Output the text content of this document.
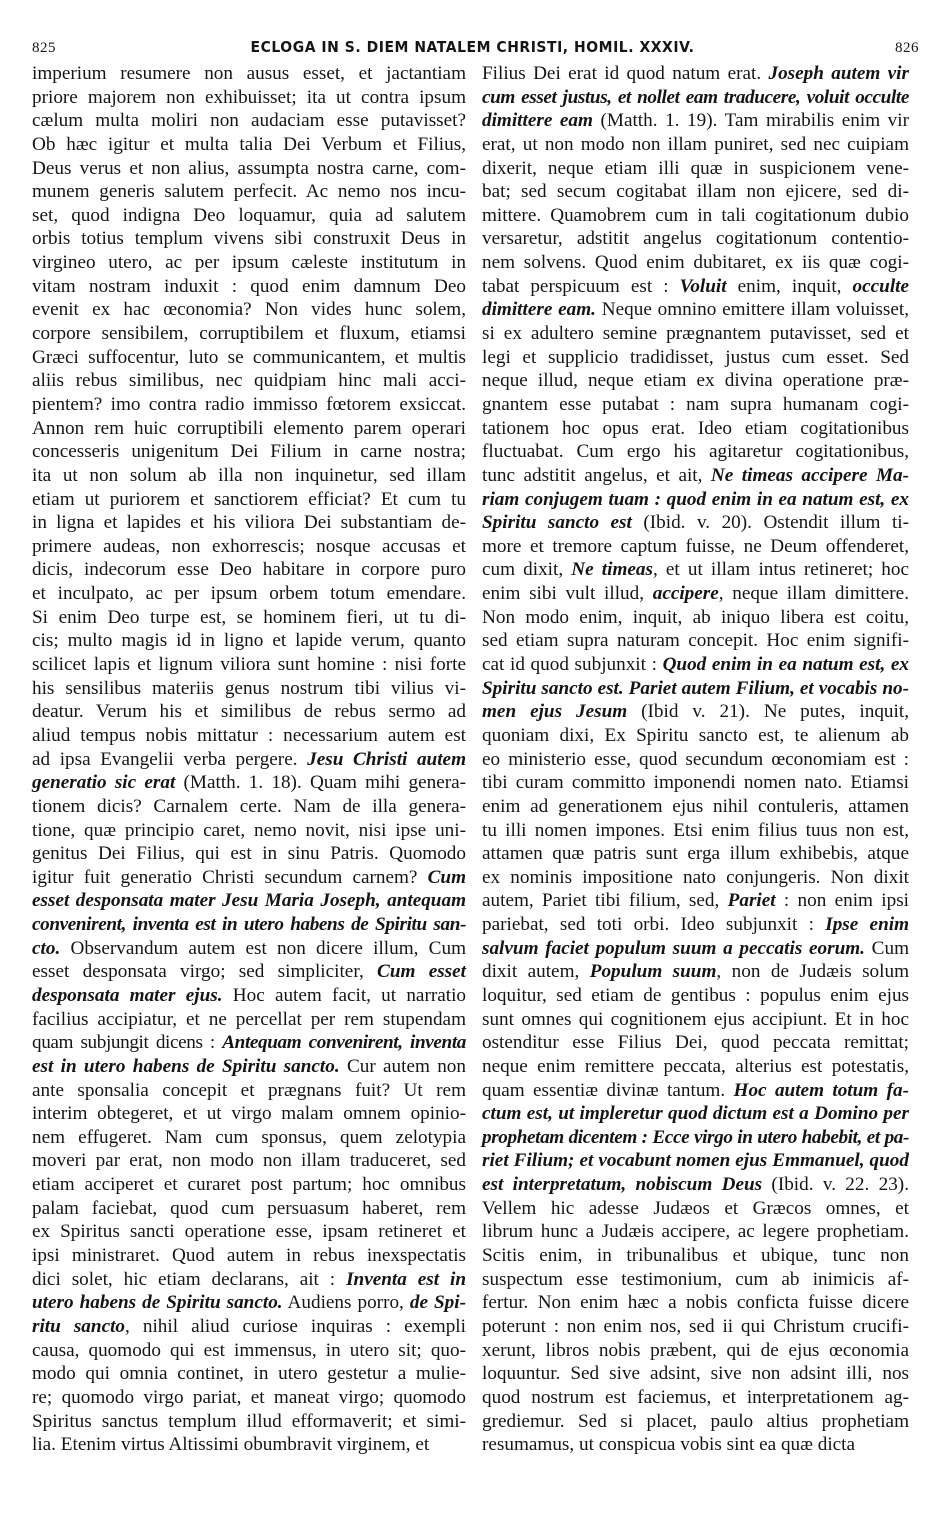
825	ECLOGA IN S. DIEM NATALEM CHRISTI, HOMIL. XXXIV.	826
imperium resumere non ausus esset, et jactantiam
priore majorem non exhibuisset; ita ut contra ipsum
cælum multa moliri non audaciam esse putavisset?
Ob hæc igitur et multa talia Dei Verbum et Filius,
Deus verus et non alius, assumpta nostra carne, com-
munem generis salutem perfecit. Ac nemo nos incu-
set, quod indigna Deo loquamur, quia ad salutem
orbis totius templum vivens sibi construxit Deus in
virgineo utero, ac per ipsum cæleste institutum in
vitam nostram induxit : quod enim damnum Deo
evenit ex hac œconomia? Non vides hunc solem,
corpore sensibilem, corruptibilem et fluxum, etiamsi
Græci suffocentur, luto se communicantem, et multis
aliis rebus similibus, nec quidpiam hinc mali acci-
pientem? imo contra radio immisso fœtorem exsiccat.
Annon rem huic corruptibili elemento parem operari
concesseris unigenitum Dei Filium in carne nostra;
ita ut non solum ab illa non inquinetur, sed illam
etiam ut puriorem et sanctiorem efficiat? Et cum tu
in ligna et lapides et his viliora Dei substantiam de-
primere audeas, non exhorrescis; nosque accusas et
dicis, indecorum esse Deo habitare in corpore puro
et inculpato, ac per ipsum orbem totum emendare.
Si enim Deo turpe est, se hominem fieri, ut tu di-
cis; multo magis id in ligno et lapide verum, quanto
scilicet lapis et lignum viliora sunt homine : nisi forte
his sensilibus materiis genus nostrum tibi vilius vi-
deatur. Verum his et similibus de rebus sermo ad
aliud tempus nobis mittatur : necessarium autem est
ad ipsa Evangelii verba pergere. Jesu Christi autem
generatio sic erat (Matth. 1. 18). Quam mihi genera-
tionem dicis? Carnalem certe. Nam de illa genera-
tione, quæ principio caret, nemo novit, nisi ipse uni-
genitus Dei Filius, qui est in sinu Patris. Quomodo
igitur fuit generatio Christi secundum carnem? Cum
esset desponsata mater Jesu Maria Joseph, antequam
convenirent, inventa est in utero habens de Spiritu san-
cto. Observandum autem est non dicere illum, Cum
esset desponsata virgo; sed simpliciter, Cum esset
desponsata mater ejus. Hoc autem facit, ut narratio
facilius accipiatur, et ne percellat per rem stupendam
quam subjungit dicens : Antequam convenirent, inventa
est in utero habens de Spiritu sancto. Cur autem non
ante sponsalia concepit et prægnans fuit? Ut rem
interim obtegeret, et ut virgo malam omnem opinio-
nem effugeret. Nam cum sponsus, quem zelotypia
moveri par erat, non modo non illam traduceret, sed
etiam acciperet et curaret post partum; hoc omnibus
palam faciebat, quod cum persuasum haberet, rem
ex Spiritus sancti operatione esse, ipsam retineret et
ipsi ministraret. Quod autem in rebus inexspectatis
dici solet, hic etiam declarans, ait : Inventa est in
utero habens de Spiritu sancto. Audiens porro, de Spi-
ritu sancto, nihil aliud curiose inquiras : exempli
causa, quomodo qui est immensus, in utero sit; quo-
modo qui omnia continet, in utero gestetur a mulie-
re; quomodo virgo pariat, et maneat virgo; quomodo
Spiritus sanctus templum illud efformaverit; et simi-
lia. Etenim virtus Altissimi obumbravit virginem, et
Filius Dei erat id quod natum erat. Joseph autem vir
cum esset justus, et nollet eam traducere, voluit occulte
dimittere eam (Matth. 1. 19). Tam mirabilis enim vir
erat, ut non modo non illam puniret, sed nec cuipiam
dixerit, neque etiam illi quæ in suspicionem vene-
bat; sed secum cogitabat illam non ejicere, sed di-
mittere. Quamobrem cum in tali cogitationum dubio
versaretur, adstitit angelus cogitationum contentio-
nem solvens. Quod enim dubitaret, ex iis quæ cogi-
tabat perspicuum est : Voluit enim, inquit, occulte
dimittere eam. Neque omnino emittere illam voluisset,
si ex adultero semine prægnantem putavisset, sed et
legi et supplicio tradidisset, justus cum esset. Sed
neque illud, neque etiam ex divina operatione præ-
gnantem esse putabat : nam supra humanam cogi-
tationem hoc opus erat. Ideo etiam cogitationibus
fluctuabat. Cum ergo his agitaretur cogitationibus,
tunc adstitit angelus, et ait, Ne timeas accipere Ma-
riam conjugem tuam : quod enim in ea natum est, ex
Spiritu sancto est (Ibid. v. 20). Ostendit illum ti-
more et tremore captum fuisse, ne Deum offenderet,
cum dixit, Ne timeas, et ut illam intus retineret; hoc
enim sibi vult illud, accipere, neque illam dimittere.
Non modo enim, inquit, ab iniquo libera est coitu,
sed etiam supra naturam concepit. Hoc enim signifi-
cat id quod subjunxit : Quod enim in ea natum est, ex
Spiritu sancto est. Pariet autem Filium, et vocabis no-
men ejus Jesum (Ibid v. 21). Ne putes, inquit,
quoniam dixi, Ex Spiritu sancto est, te alienum ab
eo ministerio esse, quod secundum œconomiam est :
tibi curam committo imponendi nomen nato. Etiamsi
enim ad generationem ejus nihil contuleris, attamen
tu illi nomen impones. Etsi enim filius tuus non est,
attamen quæ patris sunt erga illum exhibebis, atque
ex nominis impositione nato conjungeris. Non dixit
autem, Pariet tibi filium, sed, Pariet : non enim ipsi
pariebat, sed toti orbi. Ideo subjunxit : Ipse enim
salvum faciet populum suum a peccatis eorum. Cum
dixit autem, Populum suum, non de Judæis solum
loquitur, sed etiam de gentibus : populus enim ejus
sunt omnes qui cognitionem ejus accipiunt. Et in hoc
ostenditur esse Filius Dei, quod peccata remittat;
neque enim remittere peccata, alterius est potestatis,
quam essentiæ divinæ tantum. Hoc autem totum fa-
ctum est, ut impleretur quod dictum est a Domino per
prophetam dicentem : Ecce virgo in utero habebit, et pa-
riet Filium; et vocabunt nomen ejus Emmanuel, quod
est interpretatum, nobiscum Deus (Ibid. v. 22. 23).
Vellem hic adesse Judæos et Græcos omnes, et
librum hunc a Judæis accipere, ac legere prophetiam.
Scitis enim, in tribunalibus et ubique, tunc non
suspectum esse testimonium, cum ab inimicis af-
fertur. Non enim hæc a nobis conficta fuisse dicere
poterunt : non enim nos, sed ii qui Christum crucifi-
xerunt, libros nobis præbent, qui de ejus œconomia
loquuntur. Sed sive adsint, sive non adsint illi, nos
quod nostrum est faciemus, et interpretationem ag-
grediemur. Sed si placet, paulo altius prophetiam
resumamus, ut conspicua vobis sint ea quæ dicta
